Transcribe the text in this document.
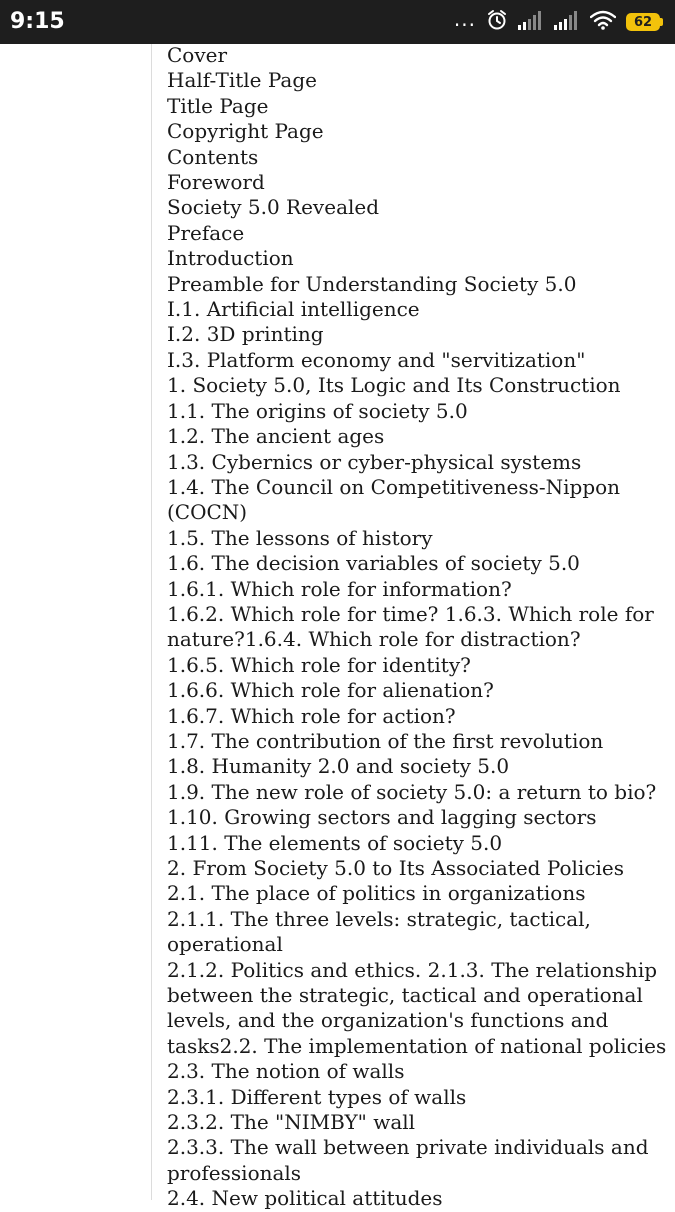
9:15	...	62
Cover
Half-Title Page
Title Page
Copyright Page
Contents
Foreword
Society 5.0 Revealed
Preface
Introduction
Preamble for Understanding Society 5.0
I.1. Artificial intelligence
I.2. 3D printing
I.3. Platform economy and "servitization"
1. Society 5.0, Its Logic and Its Construction
1.1. The origins of society 5.0
1.2. The ancient ages
1.3. Cybernics or cyber-physical systems
1.4. The Council on Competitiveness-Nippon (COCN)
1.5. The lessons of history
1.6. The decision variables of society 5.0
1.6.1. Which role for information?
1.6.2. Which role for time? 1.6.3. Which role for nature?1.6.4. Which role for distraction?
1.6.5. Which role for identity?
1.6.6. Which role for alienation?
1.6.7. Which role for action?
1.7. The contribution of the first revolution
1.8. Humanity 2.0 and society 5.0
1.9. The new role of society 5.0: a return to bio?
1.10. Growing sectors and lagging sectors
1.11. The elements of society 5.0
2. From Society 5.0 to Its Associated Policies
2.1. The place of politics in organizations
2.1.1. The three levels: strategic, tactical, operational
2.1.2. Politics and ethics. 2.1.3. The relationship between the strategic, tactical and operational levels, and the organization's functions and tasks2.2. The implementation of national policies
2.3. The notion of walls
2.3.1. Different types of walls
2.3.2. The "NIMBY" wall
2.3.3. The wall between private individuals and professionals
2.4. New political attitudes
